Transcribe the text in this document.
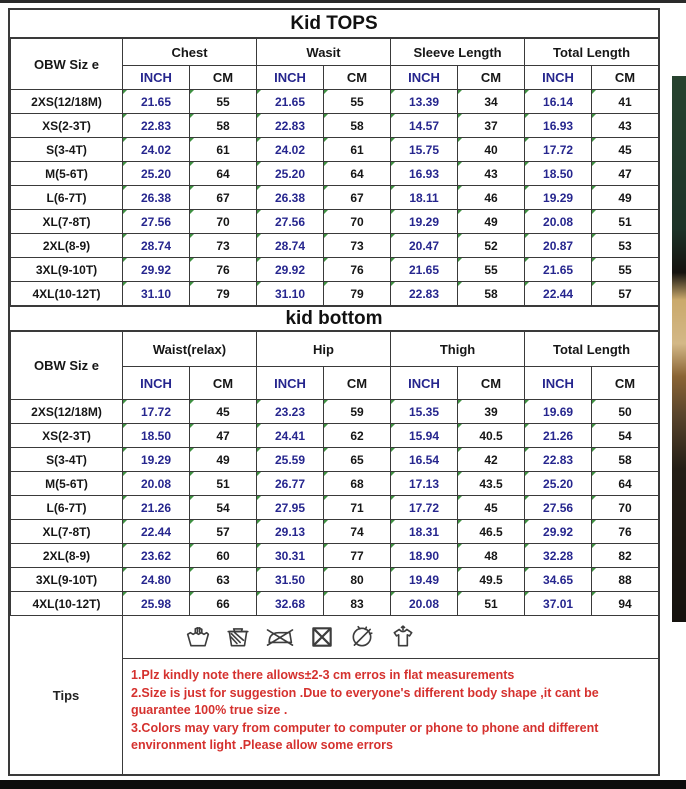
Kid TOPS
OBW Siz e	Chest		Wasit		Sleeve Length		Total Length	
	INCH	CM	INCH	CM	INCH	CM	INCH	CM
2XS(12/18M)	21.65	55	21.65	55	13.39	34	16.14	41
XS(2-3T)	22.83	58	22.83	58	14.57	37	16.93	43
S(3-4T)	24.02	61	24.02	61	15.75	40	17.72	45
M(5-6T)	25.20	64	25.20	64	16.93	43	18.50	47
L(6-7T)	26.38	67	26.38	67	18.11	46	19.29	49
XL(7-8T)	27.56	70	27.56	70	19.29	49	20.08	51
2XL(8-9)	28.74	73	28.74	73	20.47	52	20.87	53
3XL(9-10T)	29.92	76	29.92	76	21.65	55	21.65	55
4XL(10-12T)	31.10	79	31.10	79	22.83	58	22.44	57
kid bottom
OBW Siz e	Waist(relax)		Hip		Thigh		Total Length	
	INCH	CM	INCH	CM	INCH	CM	INCH	CM
2XS(12/18M)	17.72	45	23.23	59	15.35	39	19.69	50
XS(2-3T)	18.50	47	24.41	62	15.94	40.5	21.26	54
S(3-4T)	19.29	49	25.59	65	16.54	42	22.83	58
M(5-6T)	20.08	51	26.77	68	17.13	43.5	25.20	64
L(6-7T)	21.26	54	27.95	71	17.72	45	27.56	70
XL(7-8T)	22.44	57	29.13	74	18.31	46.5	29.92	76
2XL(8-9)	23.62	60	30.31	77	18.90	48	32.28	82
3XL(9-10T)	24.80	63	31.50	80	19.49	49.5	34.65	88
4XL(10-12T)	25.98	66	32.68	83	20.08	51	37.01	94
Tips
1.Plz kindly note there allows±2-3 cm erros in flat measurements
2.Size is just for suggestion .Due to everyone's different body shape ,it cant be guarantee 100% true size .
3.Colors may vary from computer to computer or phone to phone and different environment light .Please allow some errors
